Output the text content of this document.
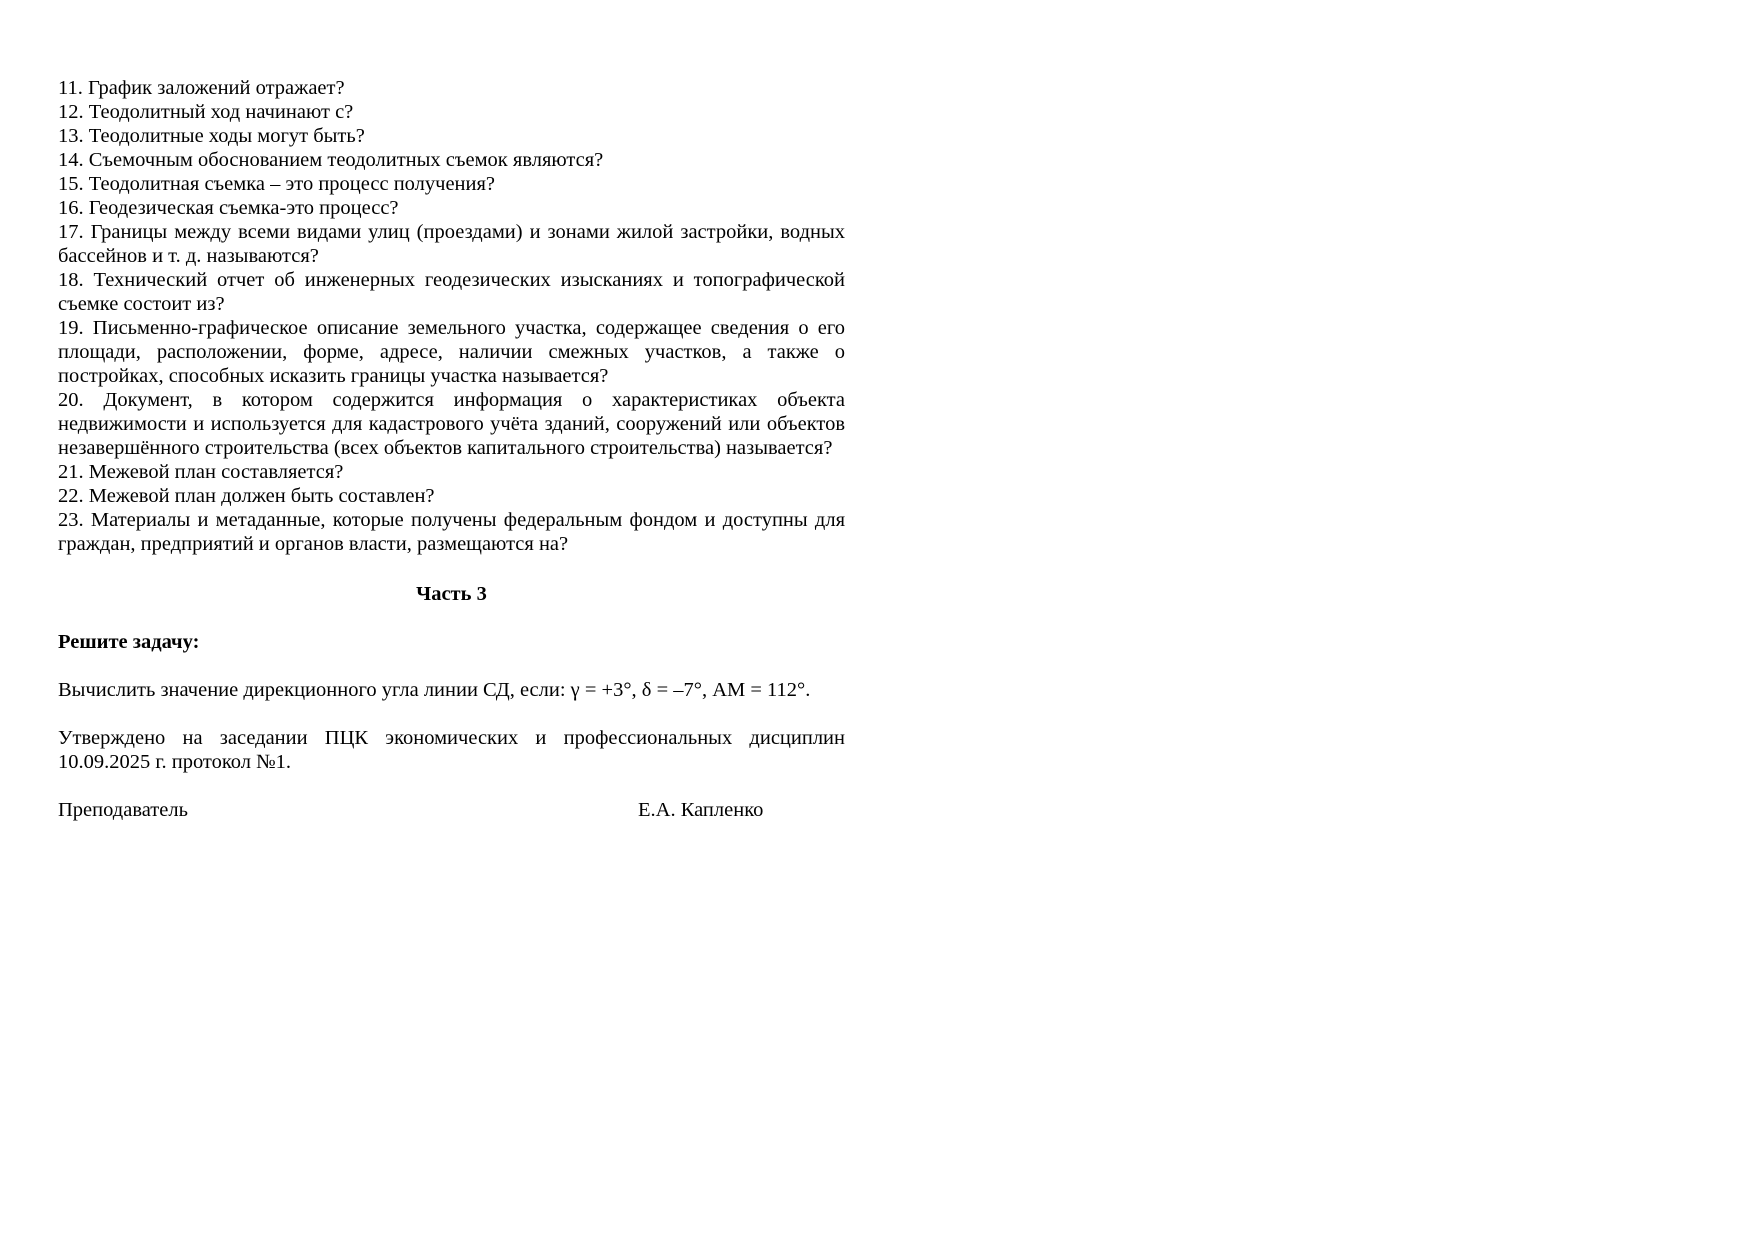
11. График заложений отражает?

12. Теодолитный ход начинают с?

13. Теодолитные ходы могут быть?

14. Съемочным обоснованием теодолитных съемок являются?

15. Теодолитная съемка – это процесс получения?

16. Геодезическая съемка-это процесс?

17. Границы между всеми видами улиц (проездами) и зонами жилой застройки, водных бассейнов и т. д. называются?

18. Технический отчет об инженерных геодезических изысканиях и топографической съемке состоит из?

19. Письменно-графическое описание земельного участка, содержащее сведения о его площади, расположении, форме, адресе, наличии смежных участков, а также о постройках, способных исказить границы участка называется?

20. Документ, в котором содержится информация о характеристиках объекта недвижимости и используется для кадастрового учёта зданий, сооружений или объектов незавершённого строительства (всех объектов капитального строительства) называется?

21. Межевой план составляется?

22. Межевой план должен быть составлен?

23. Материалы и метаданные, которые получены федеральным фондом и доступны для граждан, предприятий и органов власти, размещаются на?

Часть 3

Решите задачу:

Вычислить значение дирекционного угла линии СД, если: γ = +3°, δ = –7°, АМ = 112°.

Утверждено на заседании ПЦК экономических и профессиональных дисциплин 10.09.2025 г. протокол №1.

Преподаватель	Е.А. Капленко
